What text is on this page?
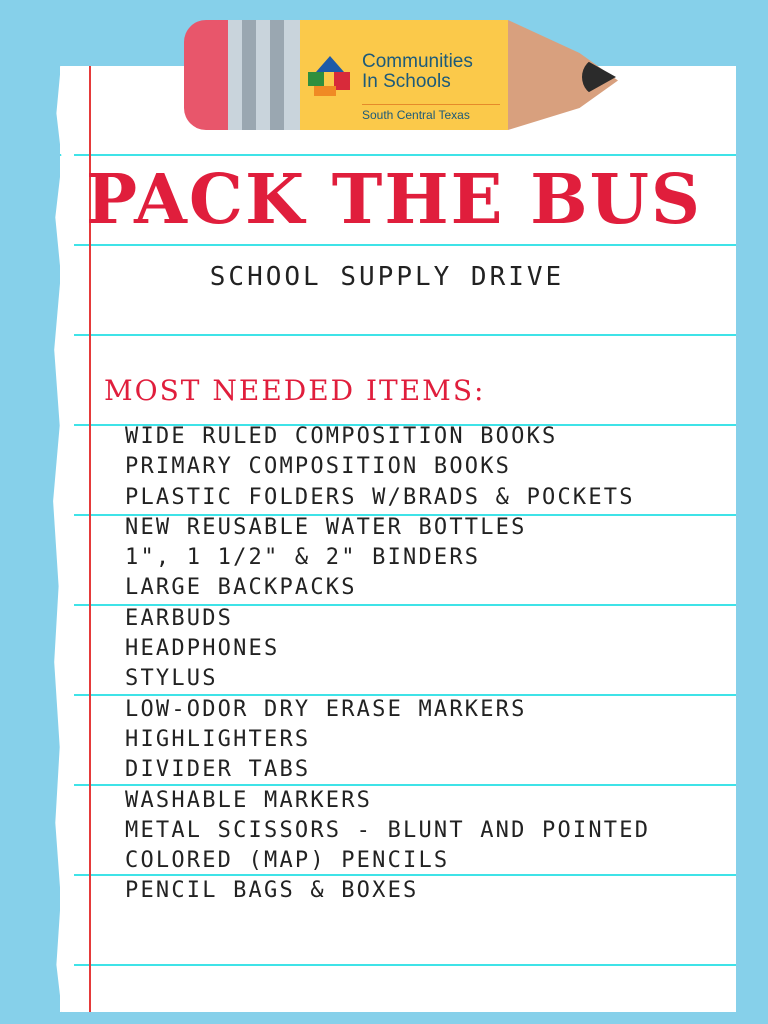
Communities
In Schools
South Central Texas
PACK THE BUS
SCHOOL SUPPLY DRIVE
MOST NEEDED ITEMS:
WIDE RULED COMPOSITION BOOKS
PRIMARY COMPOSITION BOOKS
PLASTIC FOLDERS W/BRADS & POCKETS
NEW REUSABLE WATER BOTTLES
1", 1 1/2" & 2" BINDERS
LARGE BACKPACKS
EARBUDS
HEADPHONES
STYLUS
LOW-ODOR DRY ERASE MARKERS
HIGHLIGHTERS
DIVIDER TABS
WASHABLE MARKERS
METAL SCISSORS - BLUNT AND POINTED
COLORED (MAP) PENCILS
PENCIL BAGS & BOXES
